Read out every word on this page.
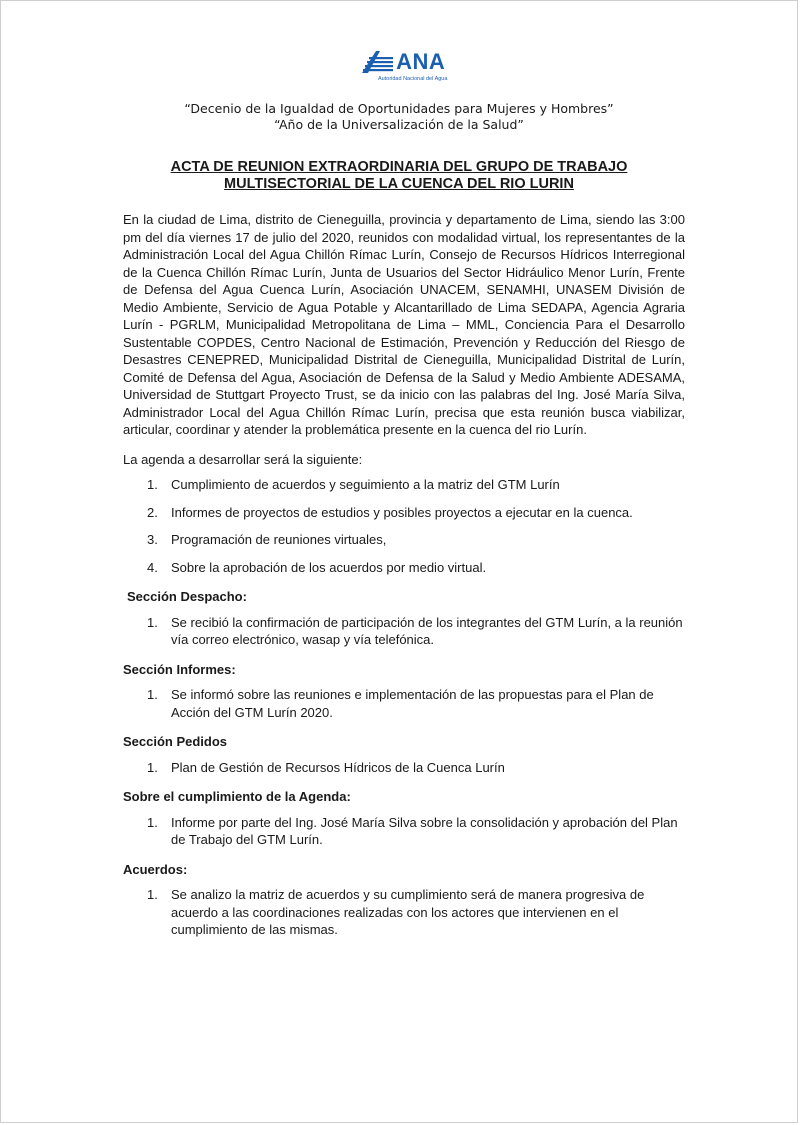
ANA
Autoridad Nacional del Agua
“Decenio de la Igualdad de Oportunidades para Mujeres y Hombres”
“Año de la Universalización de la Salud”
ACTA DE REUNION EXTRAORDINARIA DEL GRUPO DE TRABAJO
MULTISECTORIAL DE LA CUENCA DEL RIO LURIN

En la ciudad de Lima, distrito de Cieneguilla, provincia y departamento de Lima, siendo las 3:00 pm del día viernes 17 de julio del 2020, reunidos con modalidad virtual, los representantes de la Administración Local del Agua Chillón Rímac Lurín, Consejo de Recursos Hídricos Interregional de la Cuenca Chillón Rímac Lurín, Junta de Usuarios del Sector Hidráulico Menor Lurín, Frente de Defensa del Agua Cuenca Lurín, Asociación UNACEM, SENAMHI, UNASEM División de Medio Ambiente, Servicio de Agua Potable y Alcantarillado de Lima SEDAPA, Agencia Agraria Lurín - PGRLM, Municipalidad Metropolitana de Lima – MML, Conciencia Para el Desarrollo Sustentable COPDES, Centro Nacional de Estimación, Prevención y Reducción del Riesgo de Desastres CENEPRED, Municipalidad Distrital de Cieneguilla, Municipalidad Distrital de Lurín, Comité de Defensa del Agua, Asociación de Defensa de la Salud y Medio Ambiente ADESAMA, Universidad de Stuttgart Proyecto Trust, se da inicio con las palabras del Ing. José María Silva, Administrador Local del Agua Chillón Rímac Lurín, precisa que esta reunión busca viabilizar, articular, coordinar y atender la problemática presente en la cuenca del rio Lurín.

La agenda a desarrollar será la siguiente:

1.	Cumplimiento de acuerdos y seguimiento a la matriz del GTM Lurín
2.	Informes de proyectos de estudios y posibles proyectos a ejecutar en la cuenca.
3.	Programación de reuniones virtuales,
4.	Sobre la aprobación de los acuerdos por medio virtual.
Sección Despacho:
1.	Se recibió la confirmación de participación de los integrantes del GTM Lurín, a la reunión vía correo electrónico, wasap y vía telefónica.
Sección Informes:
1.	Se informó sobre las reuniones e implementación de las propuestas para el Plan de Acción del GTM Lurín 2020.
Sección Pedidos
1.	Plan de Gestión de Recursos Hídricos de la Cuenca Lurín
Sobre el cumplimiento de la Agenda:
1.	Informe por parte del Ing. José María Silva sobre la consolidación y aprobación del Plan de Trabajo del GTM Lurín.
Acuerdos:
1.	Se analizo la matriz de acuerdos y su cumplimiento será de manera progresiva de acuerdo a las coordinaciones realizadas con los actores que intervienen en el cumplimiento de las mismas.
